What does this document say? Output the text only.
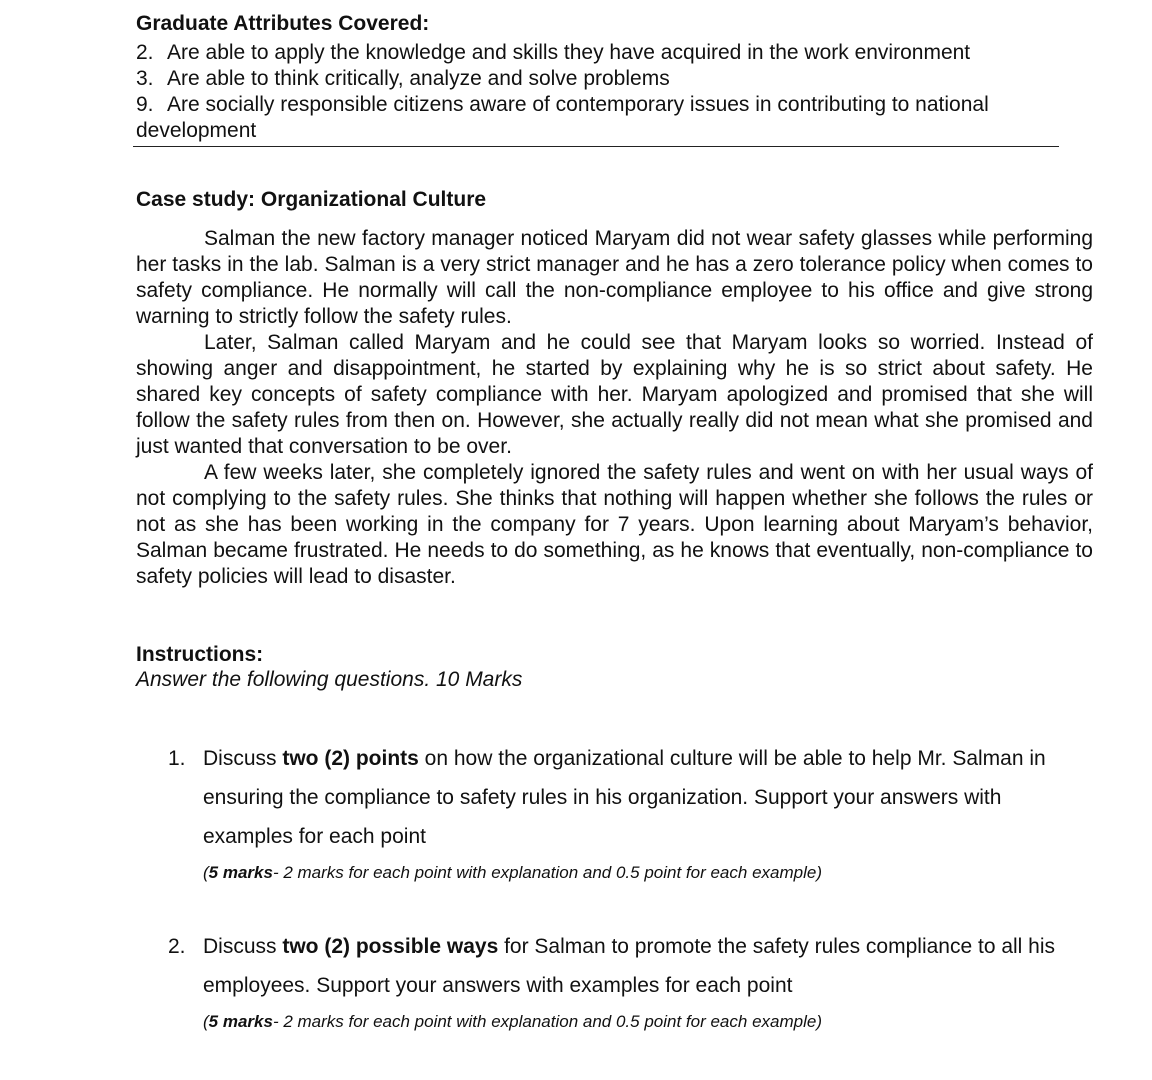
Graduate Attributes Covered:
2. Are able to apply the knowledge and skills they have acquired in the work environment
3. Are able to think critically, analyze and solve problems
9. Are socially responsible citizens aware of contemporary issues in contributing to national development
Case study: Organizational Culture

Salman the new factory manager noticed Maryam did not wear safety glasses while performing her tasks in the lab. Salman is a very strict manager and he has a zero tolerance policy when comes to safety compliance. He normally will call the non-compliance employee to his office and give strong warning to strictly follow the safety rules.

Later, Salman called Maryam and he could see that Maryam looks so worried. Instead of showing anger and disappointment, he started by explaining why he is so strict about safety. He shared key concepts of safety compliance with her. Maryam apologized and promised that she will follow the safety rules from then on. However, she actually really did not mean what she promised and just wanted that conversation to be over.

A few weeks later, she completely ignored the safety rules and went on with her usual ways of not complying to the safety rules. She thinks that nothing will happen whether she follows the rules or not as she has been working in the company for 7 years. Upon learning about Maryam’s behavior, Salman became frustrated. He needs to do something, as he knows that eventually, non-compliance to safety policies will lead to disaster.

Instructions:
Answer the following questions. 10 Marks
1. Discuss two (2) points on how the organizational culture will be able to help Mr. Salman in ensuring the compliance to safety rules in his organization. Support your answers with examples for each point
(5 marks- 2 marks for each point with explanation and 0.5 point for each example)
2. Discuss two (2) possible ways for Salman to promote the safety rules compliance to all his employees. Support your answers with examples for each point
(5 marks- 2 marks for each point with explanation and 0.5 point for each example)
